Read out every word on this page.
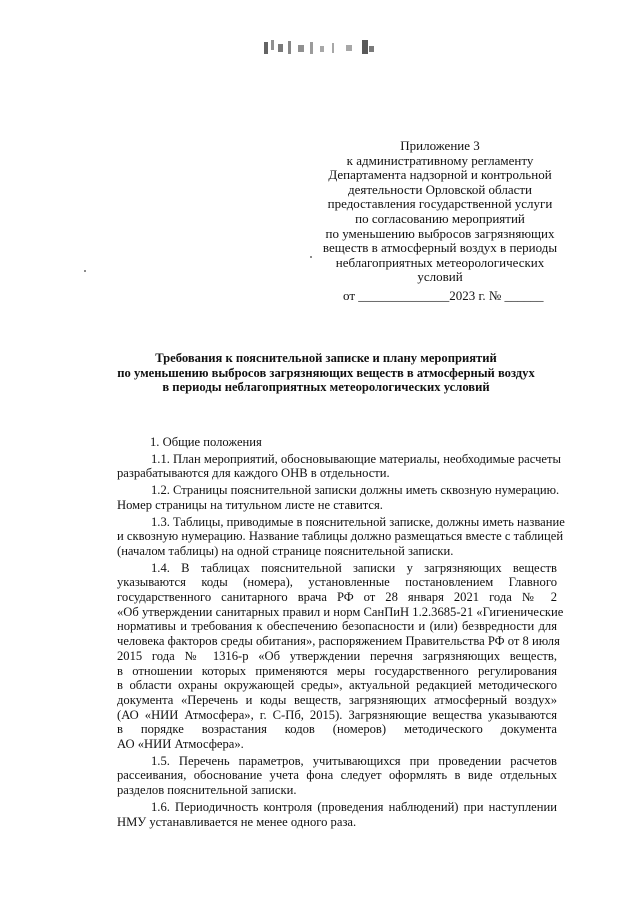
Приложение 3
к административному регламенту
Департамента надзорной и контрольной
деятельности Орловской области
предоставления государственной услуги
по согласованию мероприятий
по уменьшению выбросов загрязняющих
веществ в атмосферный воздух в периоды
неблагоприятных метеорологических
условий
от ______________2023 г. № ______
Требования к пояснительной записке и плану мероприятий
по уменьшению выбросов загрязняющих веществ в атмосферный воздух
в периоды неблагоприятных метеорологических условий
1. Общие положения
1.1. План мероприятий, обосновывающие материалы, необходимые расчеты
разрабатываются для каждого ОНВ в отдельности.
1.2. Страницы пояснительной записки должны иметь сквозную нумерацию.
Номер страницы на титульном листе не ставится.
1.3. Таблицы, приводимые в пояснительной записке, должны иметь название
и сквозную нумерацию. Название таблицы должно размещаться вместе с таблицей
(началом таблицы) на одной странице пояснительной записки.
1.4. В таблицах пояснительной записки у загрязняющих веществ
указываются коды (номера), установленные постановлением Главного
государственного санитарного врача РФ от 28 января 2021 года № 2
«Об утверждении санитарных правил и норм СанПиН 1.2.3685-21 «Гигиенические
нормативы и требования к обеспечению безопасности и (или) безвредности для
человека факторов среды обитания», распоряжением Правительства РФ от 8 июля
2015 года № 1316-р «Об утверждении перечня загрязняющих веществ,
в отношении которых применяются меры государственного регулирования
в области охраны окружающей среды», актуальной редакцией методического
документа «Перечень и коды веществ, загрязняющих атмосферный воздух»
(АО «НИИ Атмосфера», г. С-Пб, 2015). Загрязняющие вещества указываются
в порядке возрастания кодов (номеров) методического документа
АО «НИИ Атмосфера».
1.5. Перечень параметров, учитывающихся при проведении расчетов
рассеивания, обоснование учета фона следует оформлять в виде отдельных
разделов пояснительной записки.
1.6. Периодичность контроля (проведения наблюдений) при наступлении
НМУ устанавливается не менее одного раза.
